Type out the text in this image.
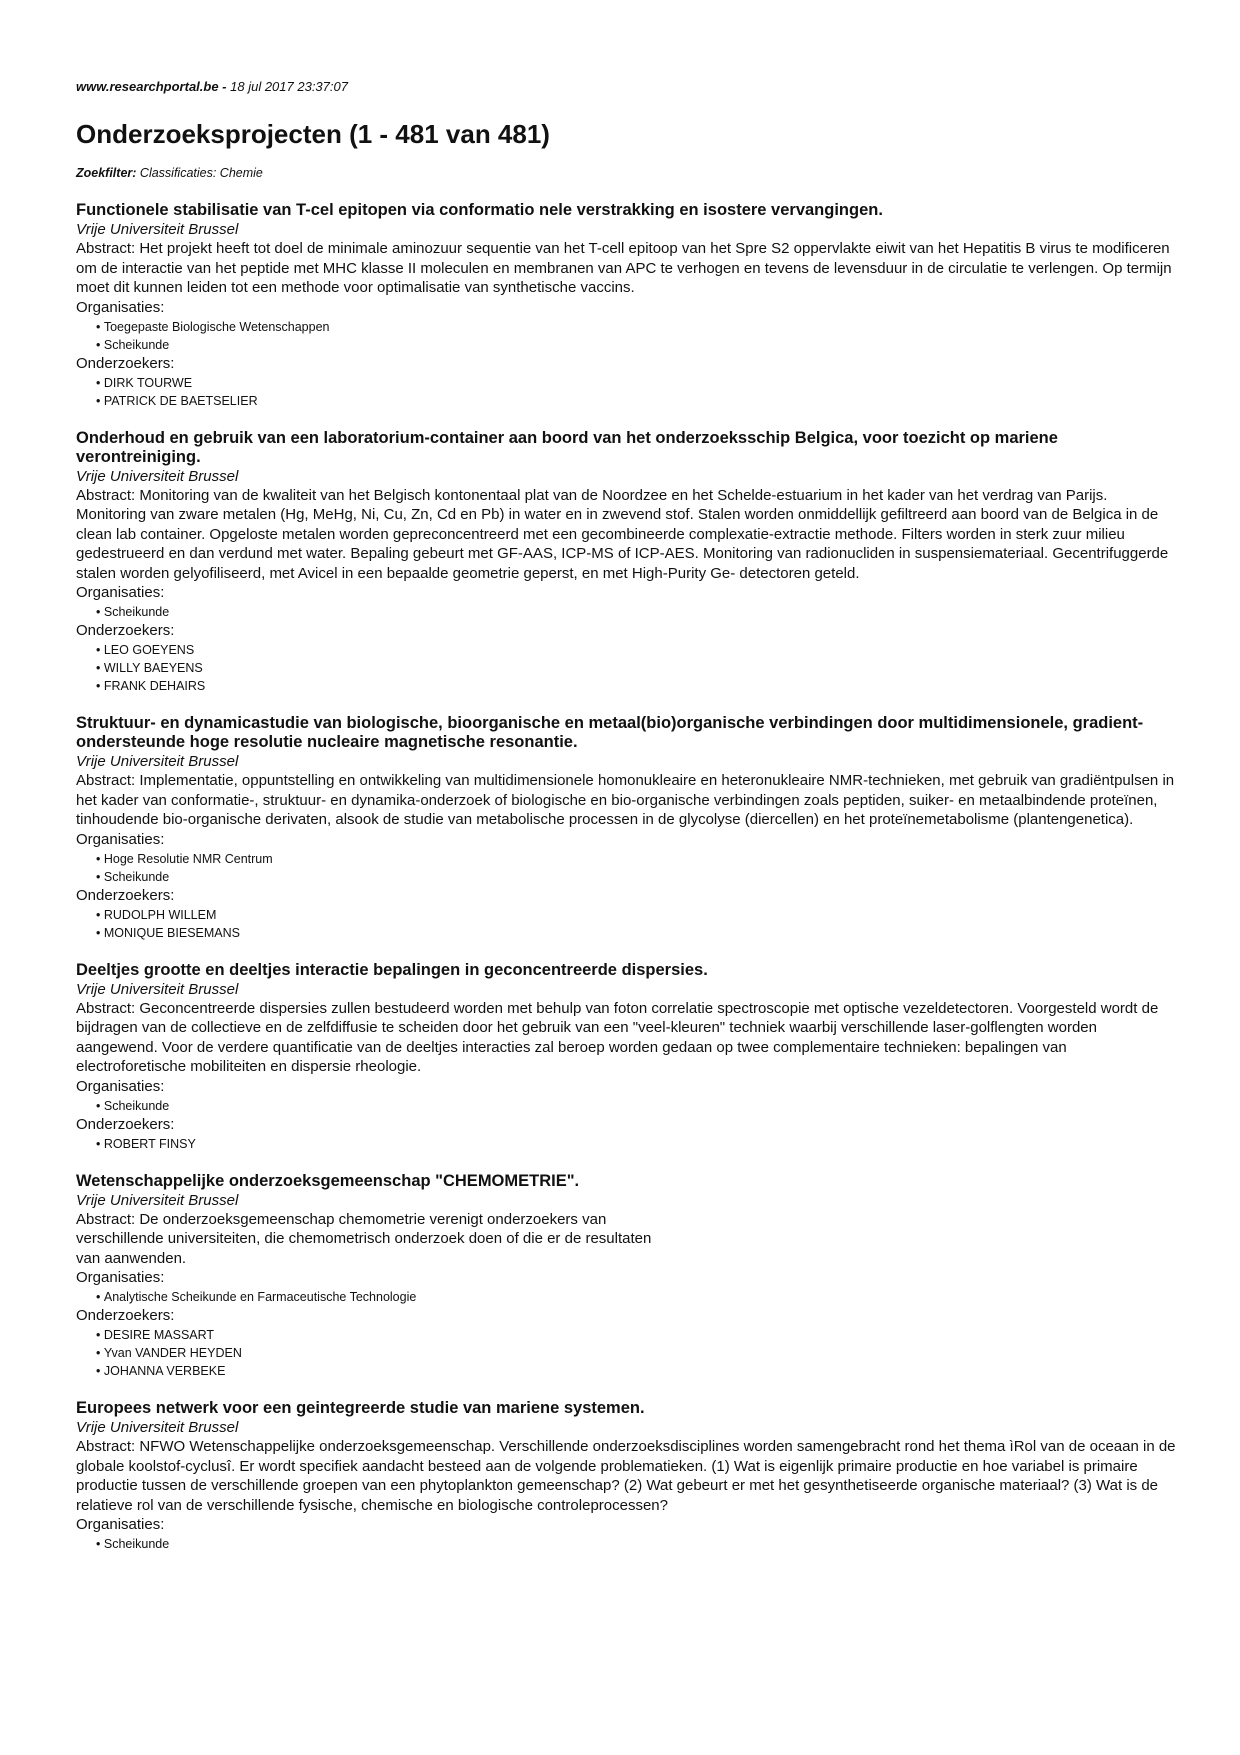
www.researchportal.be - 18 jul 2017 23:37:07
Onderzoeksprojecten (1 - 481 van 481)
Zoekfilter: Classificaties: Chemie
Functionele stabilisatie van T-cel epitopen via conformatio nele verstrakking en isostere vervangingen.
Vrije Universiteit Brussel
Abstract: Het projekt heeft tot doel de minimale aminozuur sequentie van het T-cell epitoop van het Spre S2 oppervlakte eiwit van het Hepatitis B virus te modificeren om de interactie van het peptide met MHC klasse II moleculen en membranen van APC te verhogen en tevens de levensduur in de circulatie te verlengen. Op termijn moet dit kunnen leiden tot een methode voor optimalisatie van synthetische vaccins.
Organisaties:
• Toegepaste Biologische Wetenschappen
• Scheikunde
Onderzoekers:
• DIRK TOURWE
• PATRICK DE BAETSELIER
Onderhoud en gebruik van een laboratorium-container aan boord van het onderzoeksschip Belgica, voor toezicht op mariene verontreiniging.
Vrije Universiteit Brussel
Abstract: Monitoring van de kwaliteit van het Belgisch kontonentaal plat van de Noordzee en het Schelde-estuarium in het kader van het verdrag van Parijs. Monitoring van zware metalen (Hg, MeHg, Ni, Cu, Zn, Cd en Pb) in water en in zwevend stof. Stalen worden onmiddellijk gefiltreerd aan boord van de Belgica in de clean lab container. Opgeloste metalen worden gepreconcentreerd met een gecombineerde complexatie-extractie methode. Filters worden in sterk zuur milieu gedestrueerd en dan verdund met water. Bepaling gebeurt met GF-AAS, ICP-MS of ICP-AES. Monitoring van radionucliden in suspensiemateriaal. Gecentrifuggerde stalen worden gelyofiliseerd, met Avicel in een bepaalde geometrie geperst, en met High-Purity Ge- detectoren geteld.
Organisaties:
• Scheikunde
Onderzoekers:
• LEO GOEYENS
• WILLY BAEYENS
• FRANK DEHAIRS
Struktuur- en dynamicastudie van biologische, bioorganische en metaal(bio)organische verbindingen door multidimensionele, gradient-ondersteunde hoge resolutie nucleaire magnetische resonantie.
Vrije Universiteit Brussel
Abstract: Implementatie, oppuntstelling en ontwikkeling van multidimensionele homonukleaire en heteronukleaire NMR-technieken, met gebruik van gradiëntpulsen in het kader van conformatie-, struktuur- en dynamika-onderzoek of biologische en bio-organische verbindingen zoals peptiden, suiker- en metaalbindende proteïnen, tinhoudende bio-organische derivaten, alsook de studie van metabolische processen in de glycolyse (diercellen) en het proteïnemetabolisme (plantengenetica).
Organisaties:
• Hoge Resolutie NMR Centrum
• Scheikunde
Onderzoekers:
• RUDOLPH WILLEM
• MONIQUE BIESEMANS
Deeltjes grootte en deeltjes interactie bepalingen in geconcentreerde dispersies.
Vrije Universiteit Brussel
Abstract: Geconcentreerde dispersies zullen bestudeerd worden met behulp van foton correlatie spectroscopie met optische vezeldetectoren. Voorgesteld wordt de bijdragen van de collectieve en de zelfdiffusie te scheiden door het gebruik van een "veel-kleuren" techniek waarbij verschillende laser-golflengten worden aangewend. Voor de verdere quantificatie van de deeltjes interacties zal beroep worden gedaan op twee complementaire technieken: bepalingen van electroforetische mobiliteiten en dispersie rheologie.
Organisaties:
• Scheikunde
Onderzoekers:
• ROBERT FINSY
Wetenschappelijke onderzoeksgemeenschap "CHEMOMETRIE".
Vrije Universiteit Brussel
Abstract: De onderzoeksgemeenschap chemometrie verenigt onderzoekers van verschillende universiteiten, die chemometrisch onderzoek doen of die er de resultaten van aanwenden.
Organisaties:
• Analytische Scheikunde en Farmaceutische Technologie
Onderzoekers:
• DESIRE MASSART
• Yvan VANDER HEYDEN
• JOHANNA VERBEKE
Europees netwerk voor een geintegreerde studie van mariene systemen.
Vrije Universiteit Brussel
Abstract: NFWO Wetenschappelijke onderzoeksgemeenschap. Verschillende onderzoeksdisciplines worden samengebracht rond het thema ìRol van de oceaan in de globale koolstof-cyclusî. Er wordt specifiek aandacht besteed aan de volgende problematieken. (1) Wat is eigenlijk primaire productie en hoe variabel is primaire productie tussen de verschillende groepen van een phytoplankton gemeenschap? (2) Wat gebeurt er met het gesynthetiseerde organische materiaal? (3) Wat is de relatieve rol van de verschillende fysische, chemische en biologische controleprocessen?
Organisaties:
• Scheikunde
